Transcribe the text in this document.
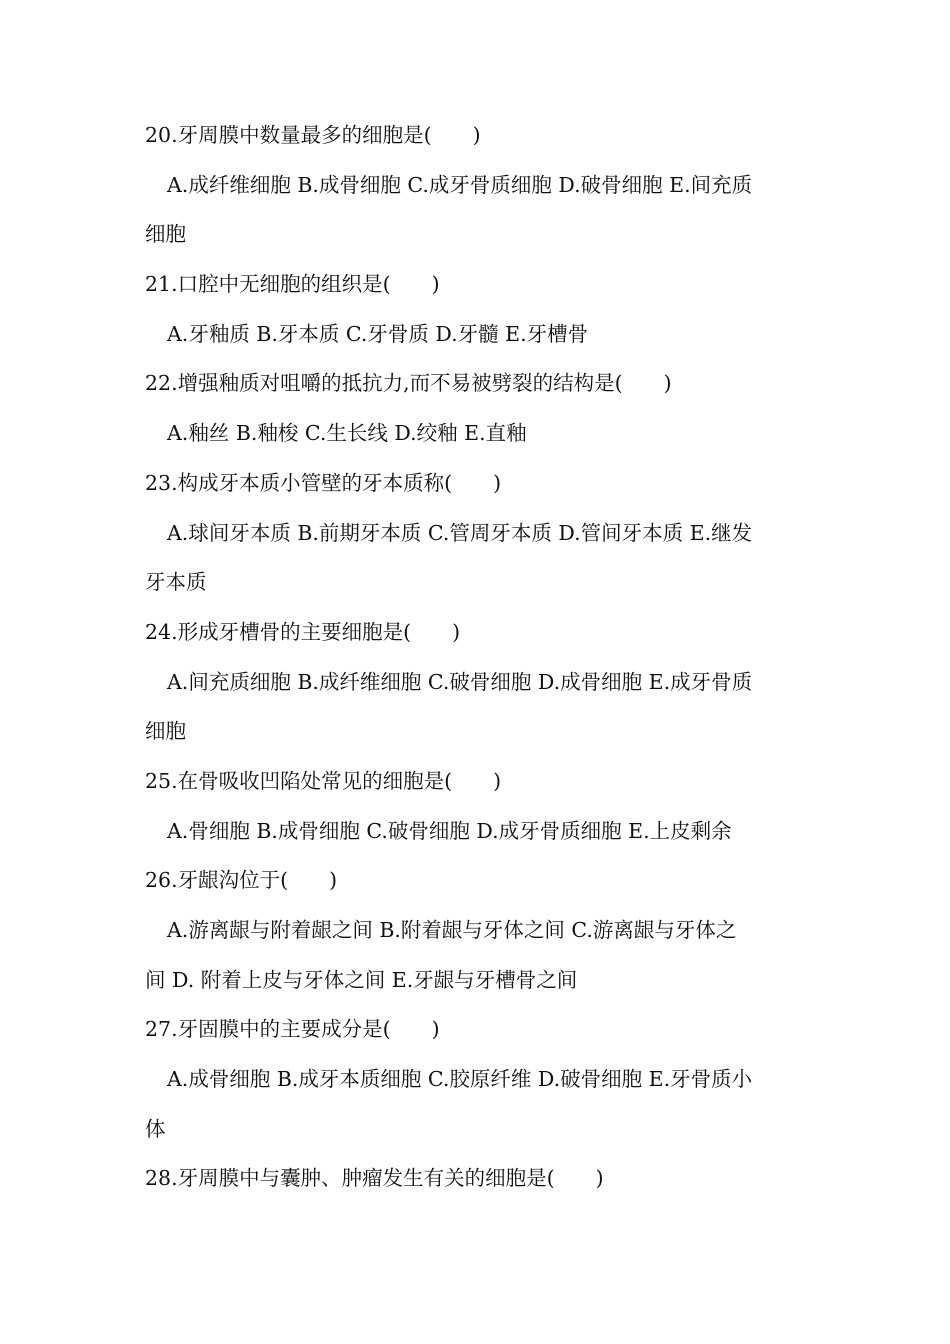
20.牙周膜中数量最多的细胞是(  )

A.成纤维细胞 B.成骨细胞 C.成牙骨质细胞 D.破骨细胞 E.间充质

细胞

21.口腔中无细胞的组织是(  )

A.牙釉质 B.牙本质 C.牙骨质 D.牙髓 E.牙槽骨

22.增强釉质对咀嚼的抵抗力,而不易被劈裂的结构是(  )

A.釉丝 B.釉梭 C.生长线 D.绞釉 E.直釉

23.构成牙本质小管壁的牙本质称(  )

A.球间牙本质 B.前期牙本质 C.管周牙本质 D.管间牙本质 E.继发

牙本质

24.形成牙槽骨的主要细胞是(  )

A.间充质细胞 B.成纤维细胞 C.破骨细胞 D.成骨细胞 E.成牙骨质

细胞

25.在骨吸收凹陷处常见的细胞是(  )

A.骨细胞 B.成骨细胞 C.破骨细胞 D.成牙骨质细胞 E.上皮剩余

26.牙龈沟位于(  )

A.游离龈与附着龈之间 B.附着龈与牙体之间 C.游离龈与牙体之

间 D. 附着上皮与牙体之间 E.牙龈与牙槽骨之间

27.牙固膜中的主要成分是(  )

A.成骨细胞 B.成牙本质细胞 C.胶原纤维 D.破骨细胞 E.牙骨质小

体

28.牙周膜中与囊肿、肿瘤发生有关的细胞是(  )
